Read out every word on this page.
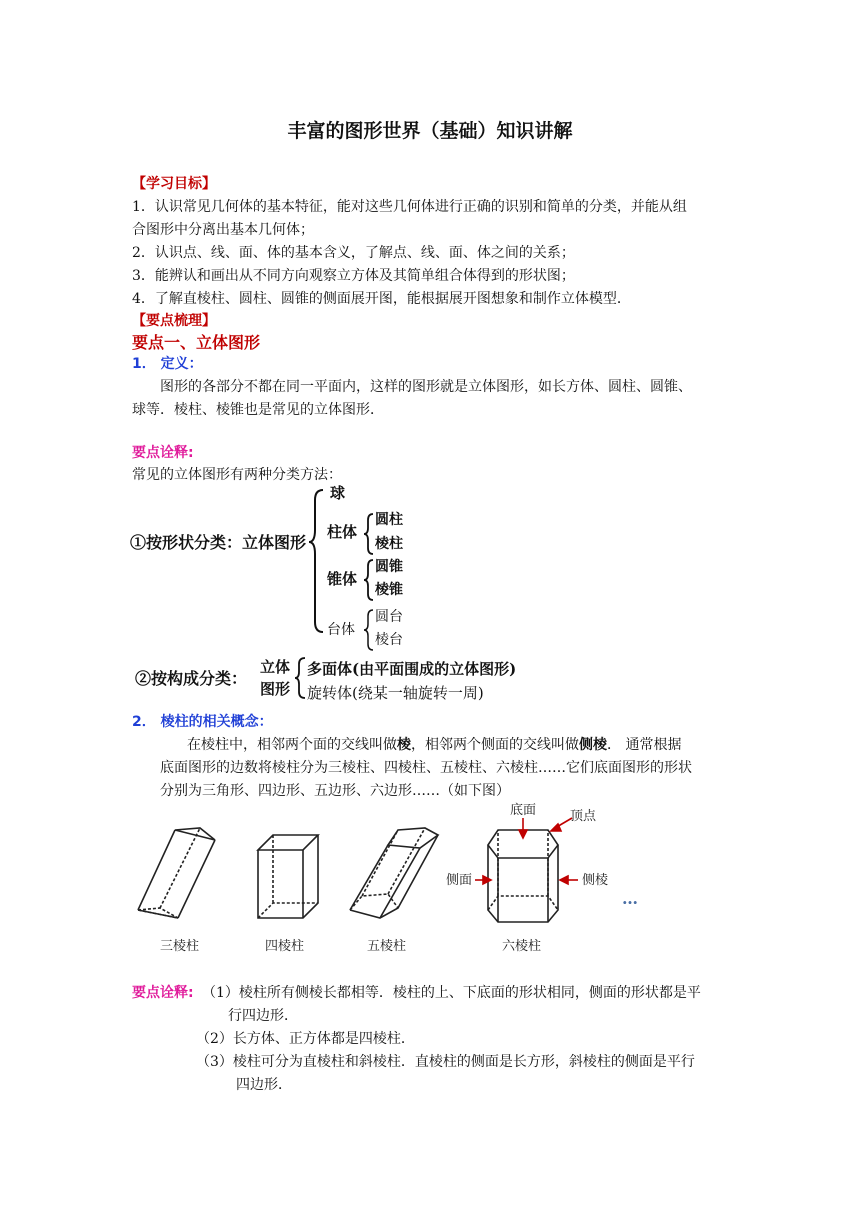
丰富的图形世界（基础）知识讲解
【学习目标】
1．认识常见几何体的基本特征，能对这些几何体进行正确的识别和简单的分类，并能从组
合图形中分离出基本几何体；
2．认识点、线、面、体的基本含义，了解点、线、面、体之间的关系；
3．能辨认和画出从不同方向观察立方体及其简单组合体得到的形状图；
4．了解直棱柱、圆柱、圆锥的侧面展开图，能根据展开图想象和制作立体模型．
【要点梳理】
要点一、立体图形
1． 定义：
图形的各部分不都在同一平面内，这样的图形就是立体图形，如长方体、圆柱、圆锥、
球等．棱柱、棱锥也是常见的立体图形．
要点诠释:
常见的立体图形有两种分类方法：
①按形状分类：立体图形
球
柱体
圆柱
棱柱
锥体
圆锥
棱锥
台体
圆台
棱台
②按构成分类：
立体
图形
多面体(由平面围成的立体图形)
旋转体(绕某一轴旋转一周)
2． 棱柱的相关概念：
在棱柱中，相邻两个面的交线叫做棱，相邻两个侧面的交线叫做侧棱． 通常根据
底面图形的边数将棱柱分为三棱柱、四棱柱、五棱柱、六棱柱……它们底面图形的形状
分别为三角形、四边形、五边形、六边形……（如下图）
底面	顶点
侧面	侧棱
…
三棱柱	四棱柱	五棱柱	六棱柱
要点诠释: （1）棱柱所有侧棱长都相等．棱柱的上、下底面的形状相同，侧面的形状都是平
行四边形．
（2）长方体、正方体都是四棱柱．
（3）棱柱可分为直棱柱和斜棱柱．直棱柱的侧面是长方形，斜棱柱的侧面是平行
四边形．
